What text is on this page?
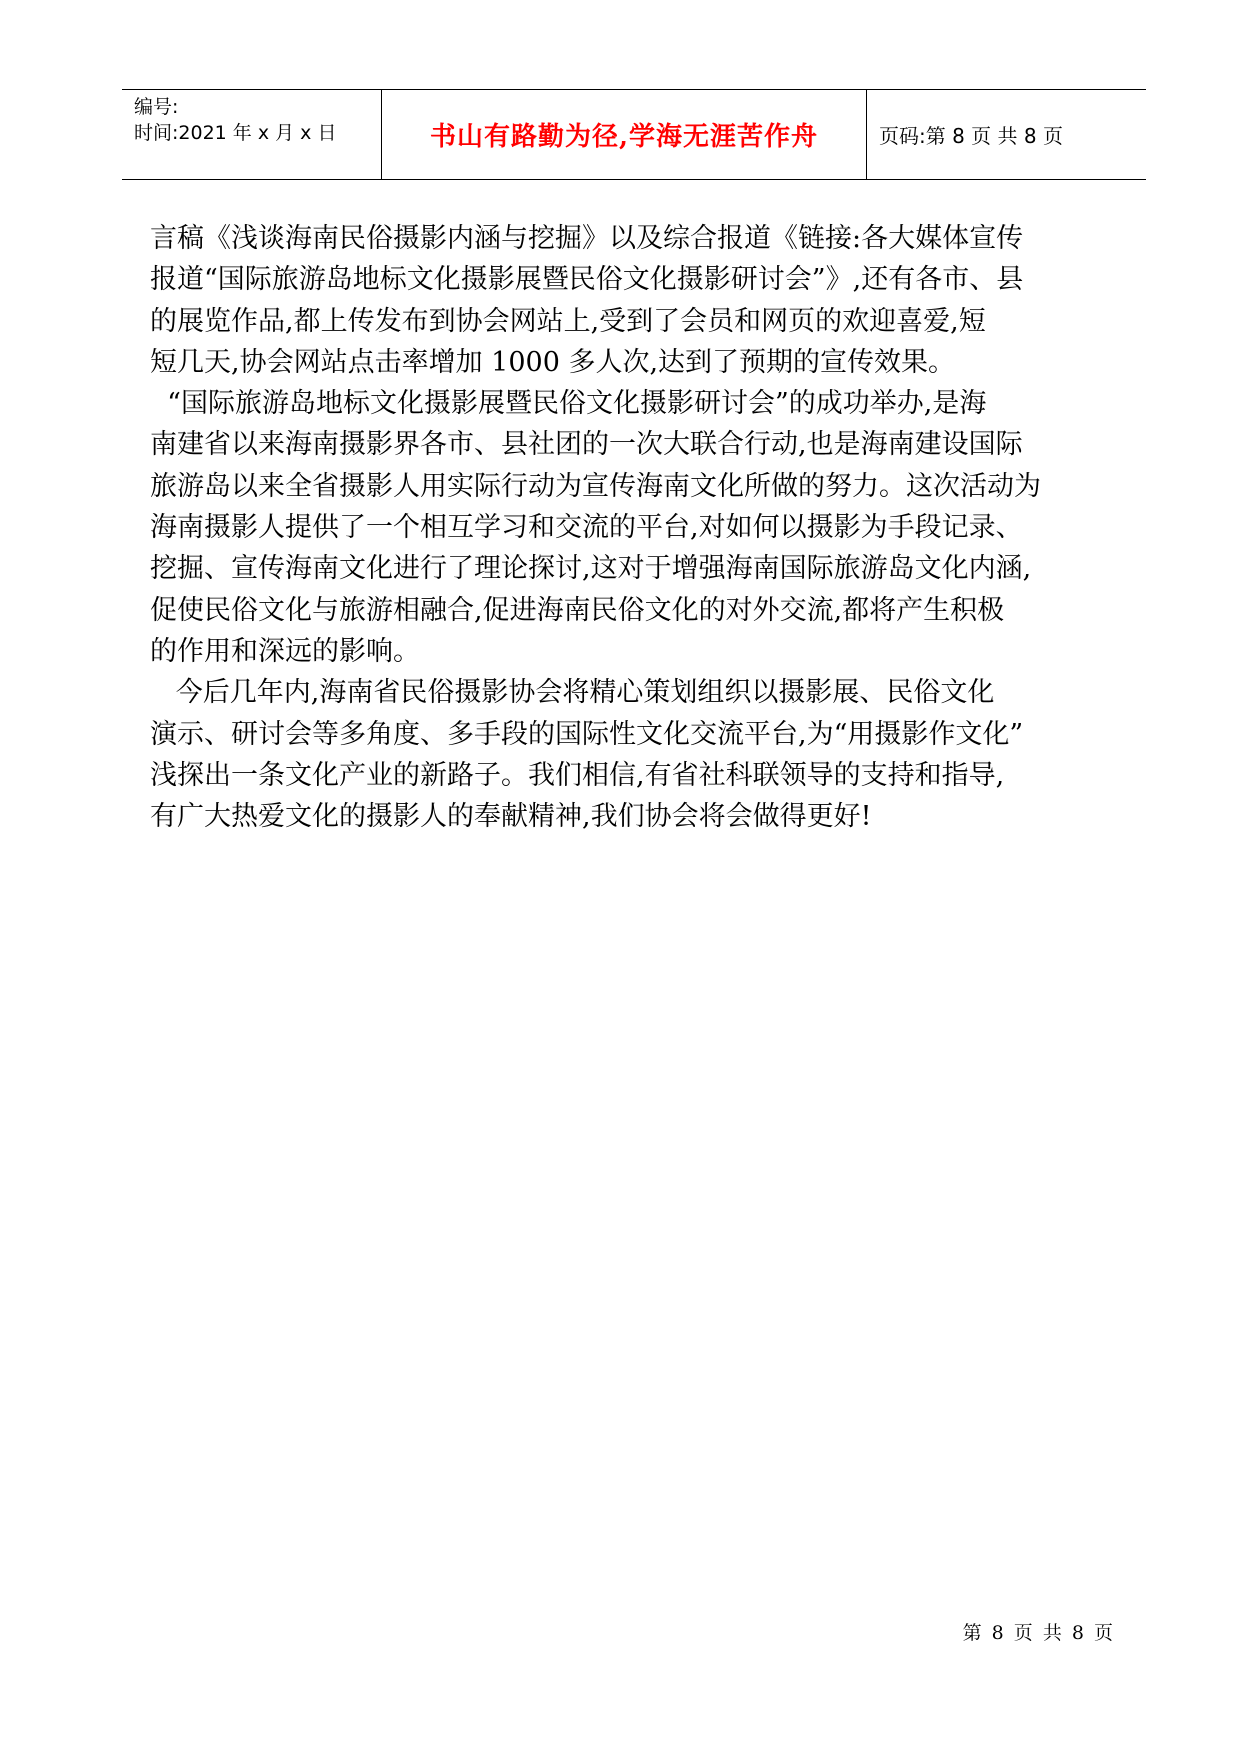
编号:
时间:2021 年 x 月 x 日	书山有路勤为径,学海无涯苦作舟	页码:第 8 页 共 8 页
言稿《浅谈海南民俗摄影内涵与挖掘》以及综合报道《链接:各大媒体宣传
报道“国际旅游岛地标文化摄影展暨民俗文化摄影研讨会”》,还有各市、县
的展览作品,都上传发布到协会网站上,受到了会员和网页的欢迎喜爱,短
短几天,协会网站点击率增加 1000 多人次,达到了预期的宣传效果。
“国际旅游岛地标文化摄影展暨民俗文化摄影研讨会”的成功举办,是海
南建省以来海南摄影界各市、县社团的一次大联合行动,也是海南建设国际
旅游岛以来全省摄影人用实际行动为宣传海南文化所做的努力。这次活动为
海南摄影人提供了一个相互学习和交流的平台,对如何以摄影为手段记录、
挖掘、宣传海南文化进行了理论探讨,这对于增强海南国际旅游岛文化内涵,
促使民俗文化与旅游相融合,促进海南民俗文化的对外交流,都将产生积极
的作用和深远的影响。
今后几年内,海南省民俗摄影协会将精心策划组织以摄影展、民俗文化
演示、研讨会等多角度、多手段的国际性文化交流平台,为“用摄影作文化”
浅探出一条文化产业的新路子。我们相信,有省社科联领导的支持和指导,
有广大热爱文化的摄影人的奉献精神,我们协会将会做得更好!
第 8 页 共 8 页
